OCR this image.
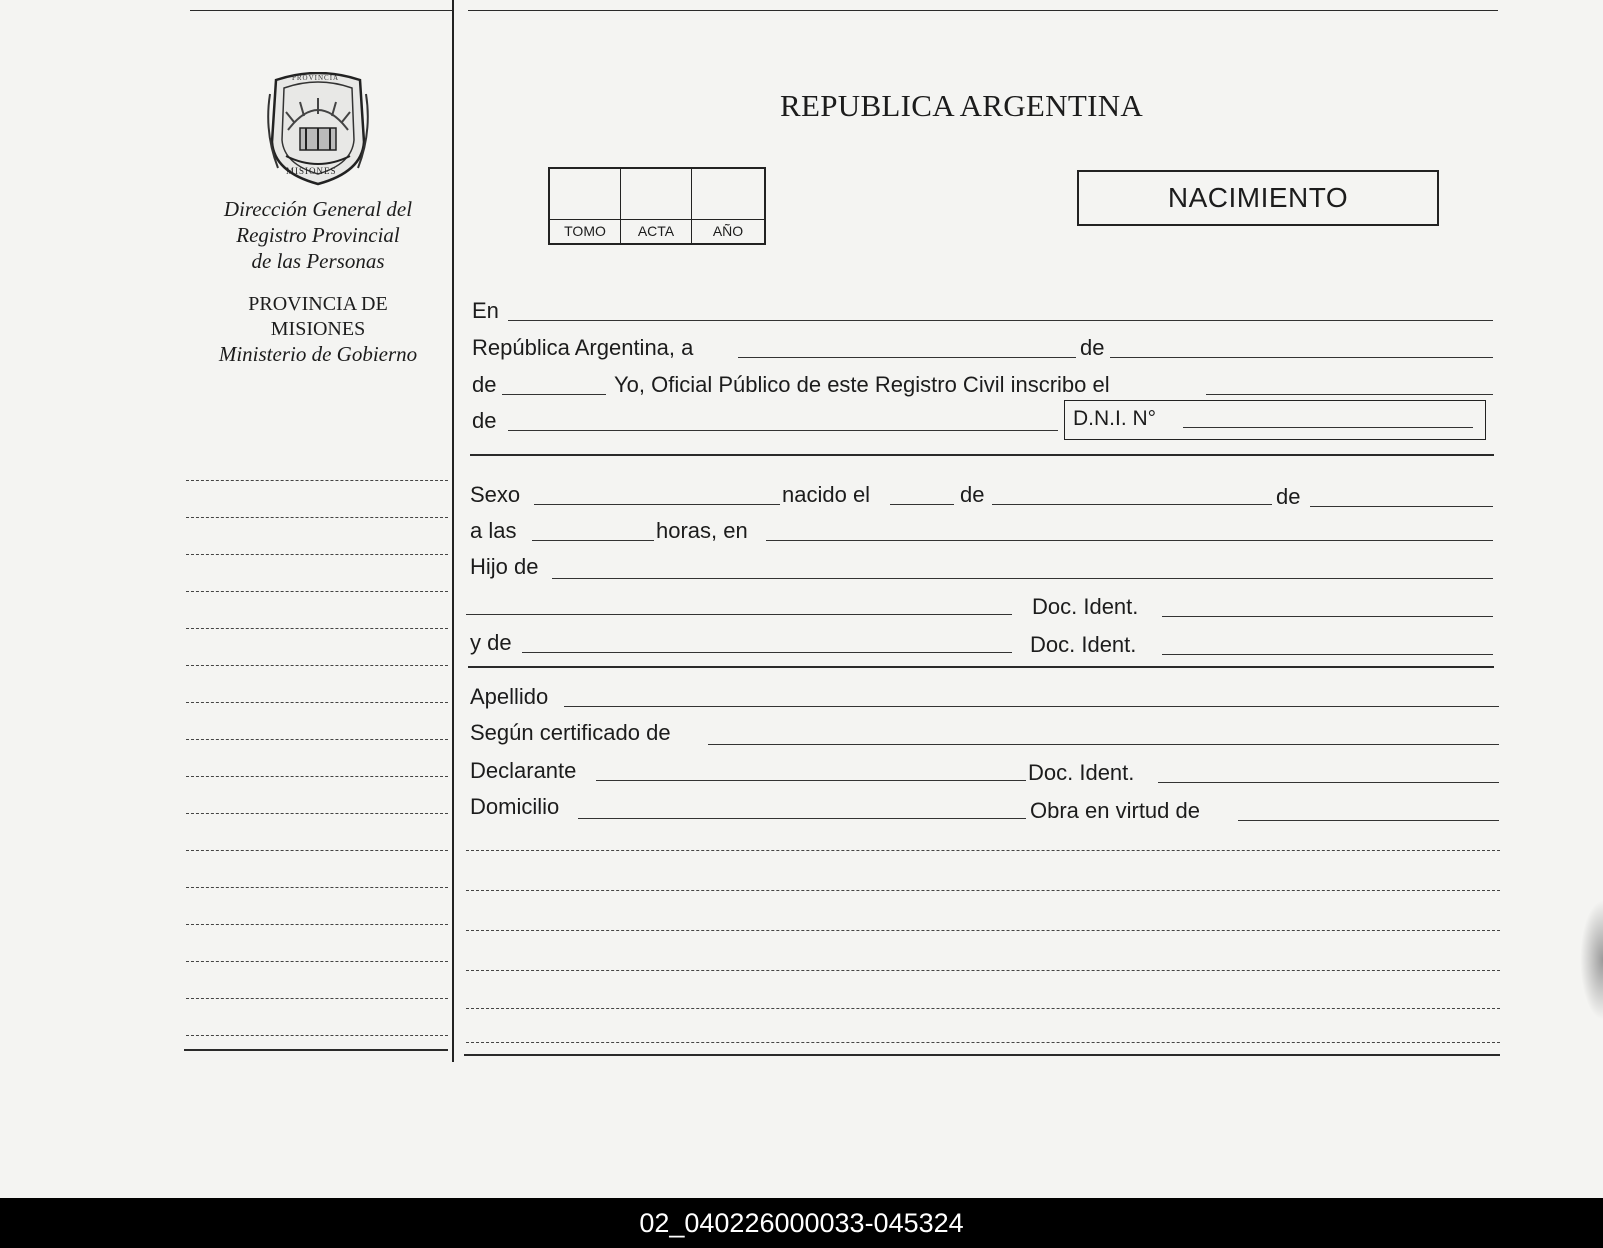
PROVINCIA
MISIONES
Dirección General del
Registro Provincial
de las Personas
PROVINCIA DE
MISIONES
Ministerio de Gobierno
REPUBLICA ARGENTINA
TOMO	ACTA	AÑO
NACIMIENTO
En
República Argentina, a	de
de	Yo, Oficial Público de este Registro Civil inscribo el
de	D.N.I. N°
Sexo	nacido el	de	de
a las	horas, en
Hijo de
Doc. Ident.
y de	Doc. Ident.
Apellido
Según certificado de
Declarante	Doc. Ident.
Domicilio	Obra en virtud de
02_040226000033-045324
